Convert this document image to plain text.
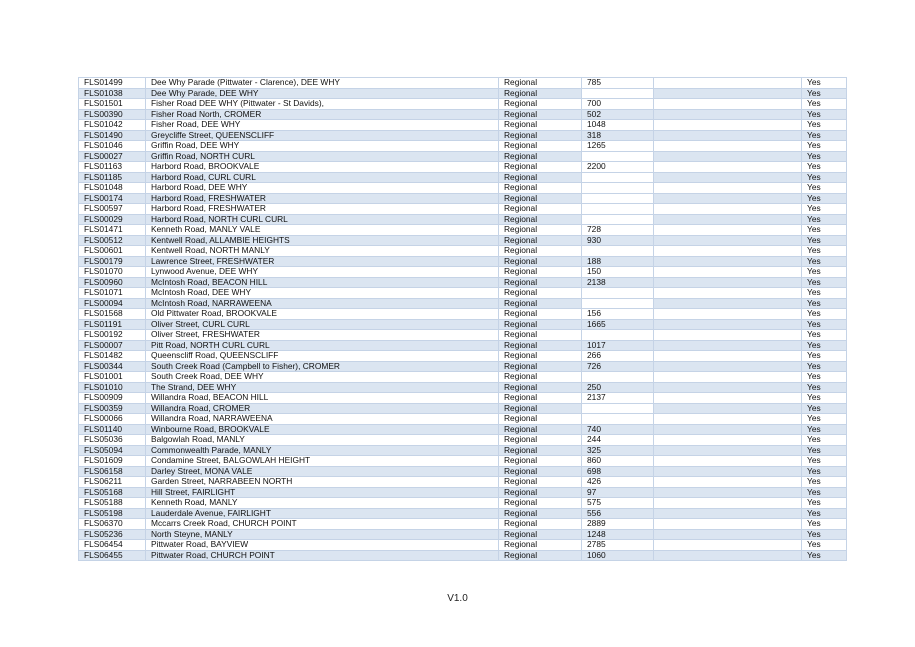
FLS01499	Dee Why Parade (Pittwater - Clarence), DEE WHY	Regional	785		Yes
FLS01038	Dee Why Parade, DEE WHY	Regional			Yes
FLS01501	Fisher Road DEE WHY (Pittwater - St Davids),	Regional	700		Yes
FLS00390	Fisher Road North, CROMER	Regional	502		Yes
FLS01042	Fisher Road, DEE WHY	Regional	1048		Yes
FLS01490	Greycliffe Street, QUEENSCLIFF	Regional	318		Yes
FLS01046	Griffin Road, DEE WHY	Regional	1265		Yes
FLS00027	Griffin Road, NORTH CURL	Regional			Yes
FLS01163	Harbord Road, BROOKVALE	Regional	2200		Yes
FLS01185	Harbord Road, CURL CURL	Regional			Yes
FLS01048	Harbord Road, DEE WHY	Regional			Yes
FLS00174	Harbord Road, FRESHWATER	Regional			Yes
FLS00597	Harbord Road, FRESHWATER	Regional			Yes
FLS00029	Harbord Road, NORTH CURL CURL	Regional			Yes
FLS01471	Kenneth Road, MANLY VALE	Regional	728		Yes
FLS00512	Kentwell Road, ALLAMBIE HEIGHTS	Regional	930		Yes
FLS00601	Kentwell Road, NORTH MANLY	Regional			Yes
FLS00179	Lawrence Street, FRESHWATER	Regional	188		Yes
FLS01070	Lynwood Avenue, DEE WHY	Regional	150		Yes
FLS00960	McIntosh Road, BEACON HILL	Regional	2138		Yes
FLS01071	McIntosh Road, DEE WHY	Regional			Yes
FLS00094	McIntosh Road, NARRAWEENA	Regional			Yes
FLS01568	Old Pittwater Road, BROOKVALE	Regional	156		Yes
FLS01191	Oliver Street, CURL CURL	Regional	1665		Yes
FLS00192	Oliver Street, FRESHWATER	Regional			Yes
FLS00007	Pitt Road, NORTH CURL CURL	Regional	1017		Yes
FLS01482	Queenscliff Road, QUEENSCLIFF	Regional	266		Yes
FLS00344	South Creek Road (Campbell to Fisher), CROMER	Regional	726		Yes
FLS01001	South Creek Road, DEE WHY	Regional			Yes
FLS01010	The Strand, DEE WHY	Regional	250		Yes
FLS00909	Willandra Road, BEACON HILL	Regional	2137		Yes
FLS00359	Willandra Road, CROMER	Regional			Yes
FLS00066	Willandra Road, NARRAWEENA	Regional			Yes
FLS01140	Winbourne Road, BROOKVALE	Regional	740		Yes
FLS05036	Balgowlah Road, MANLY	Regional	244		Yes
FLS05094	Commonwealth Parade, MANLY	Regional	325		Yes
FLS01609	Condamine Street, BALGOWLAH HEIGHT	Regional	860		Yes
FLS06158	Darley Street, MONA VALE	Regional	698		Yes
FLS06211	Garden Street, NARRABEEN NORTH	Regional	426		Yes
FLS05168	Hill Street, FAIRLIGHT	Regional	97		Yes
FLS05188	Kenneth Road, MANLY	Regional	575		Yes
FLS05198	Lauderdale Avenue, FAIRLIGHT	Regional	556		Yes
FLS06370	Mccarrs Creek Road, CHURCH POINT	Regional	2889		Yes
FLS05236	North Steyne, MANLY	Regional	1248		Yes
FLS06454	Pittwater Road, BAYVIEW	Regional	2785		Yes
FLS06455	Pittwater Road, CHURCH POINT	Regional	1060		Yes
V1.0
